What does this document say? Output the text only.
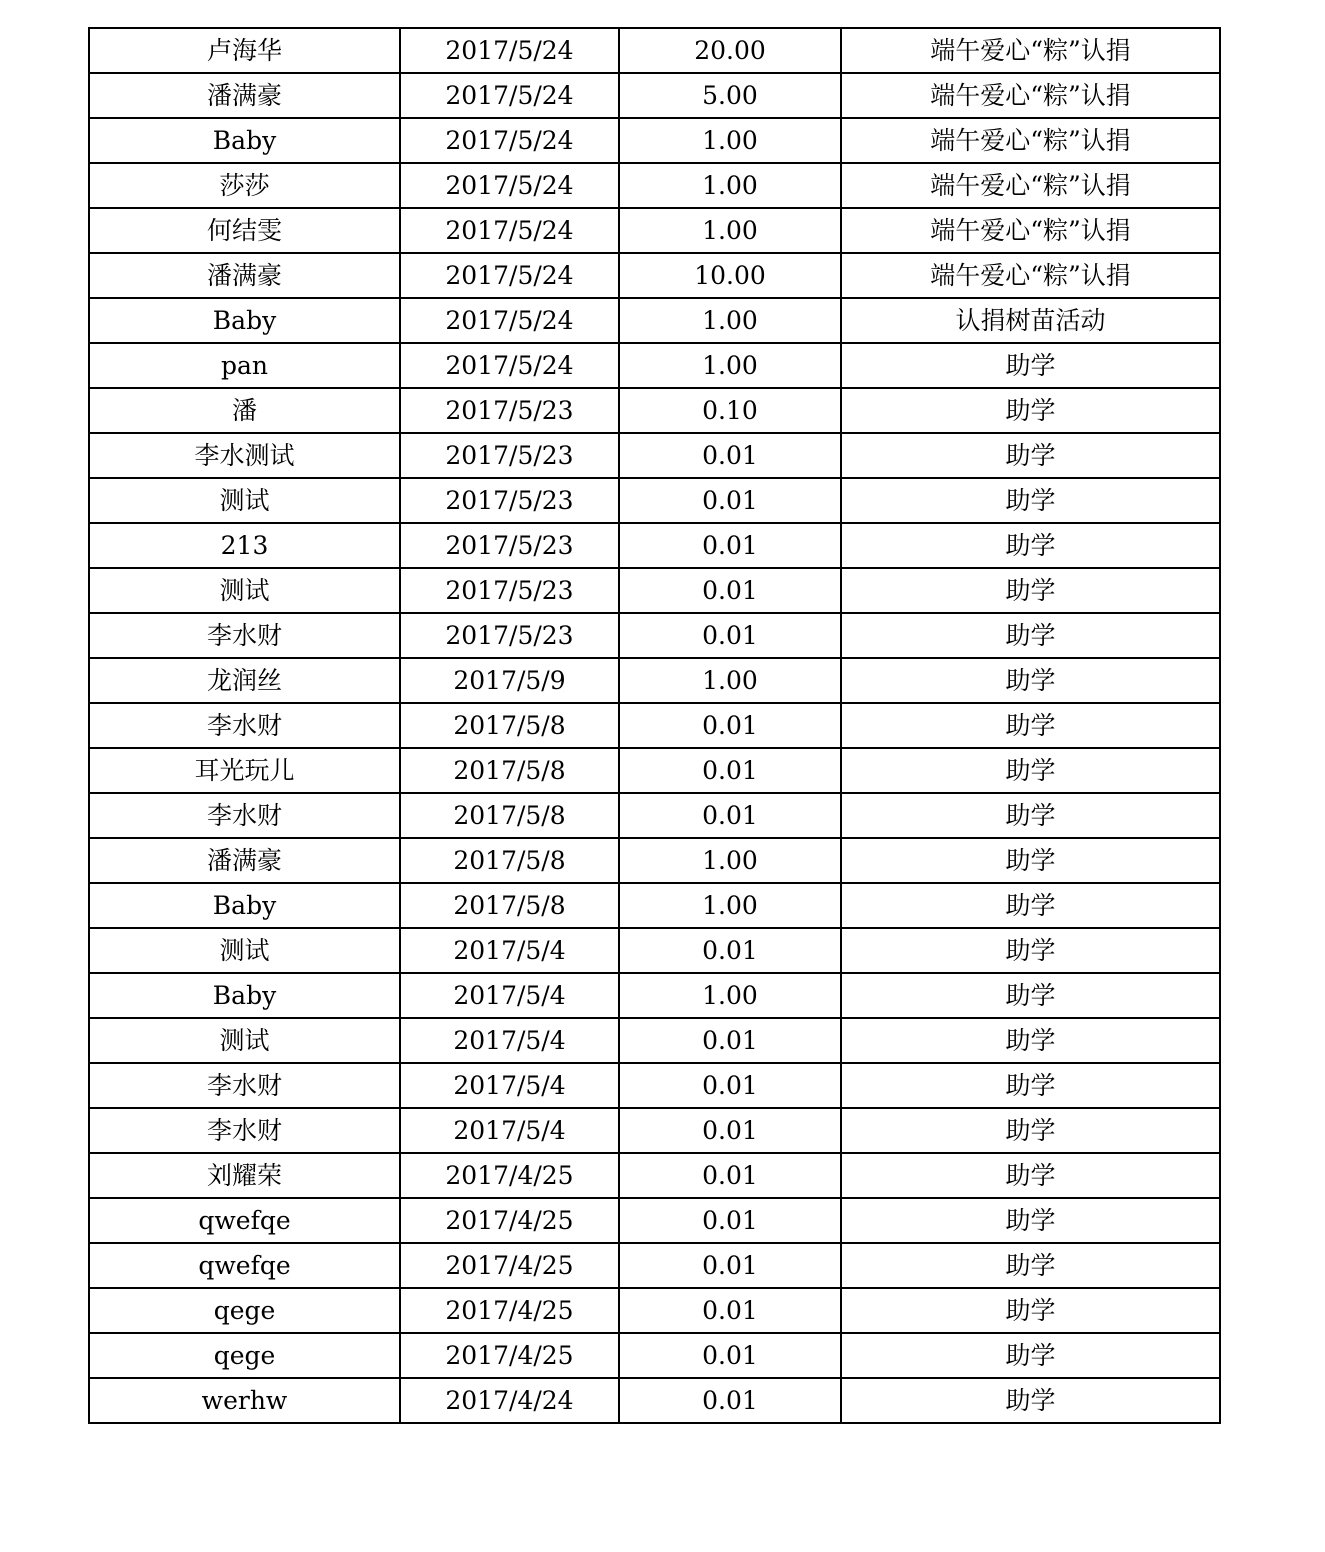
卢海华	2017/5/24	20.00	端午爱心“粽”认捐
潘满豪	2017/5/24	5.00	端午爱心“粽”认捐
Baby	2017/5/24	1.00	端午爱心“粽”认捐
莎莎	2017/5/24	1.00	端午爱心“粽”认捐
何结雯	2017/5/24	1.00	端午爱心“粽”认捐
潘满豪	2017/5/24	10.00	端午爱心“粽”认捐
Baby	2017/5/24	1.00	认捐树苗活动
pan	2017/5/24	1.00	助学
潘	2017/5/23	0.10	助学
李水测试	2017/5/23	0.01	助学
测试	2017/5/23	0.01	助学
213	2017/5/23	0.01	助学
测试	2017/5/23	0.01	助学
李水财	2017/5/23	0.01	助学
龙润丝	2017/5/9	1.00	助学
李水财	2017/5/8	0.01	助学
耳光玩儿	2017/5/8	0.01	助学
李水财	2017/5/8	0.01	助学
潘满豪	2017/5/8	1.00	助学
Baby	2017/5/8	1.00	助学
测试	2017/5/4	0.01	助学
Baby	2017/5/4	1.00	助学
测试	2017/5/4	0.01	助学
李水财	2017/5/4	0.01	助学
李水财	2017/5/4	0.01	助学
刘耀荣	2017/4/25	0.01	助学
qwefqe	2017/4/25	0.01	助学
qwefqe	2017/4/25	0.01	助学
qege	2017/4/25	0.01	助学
qege	2017/4/25	0.01	助学
werhw	2017/4/24	0.01	助学
